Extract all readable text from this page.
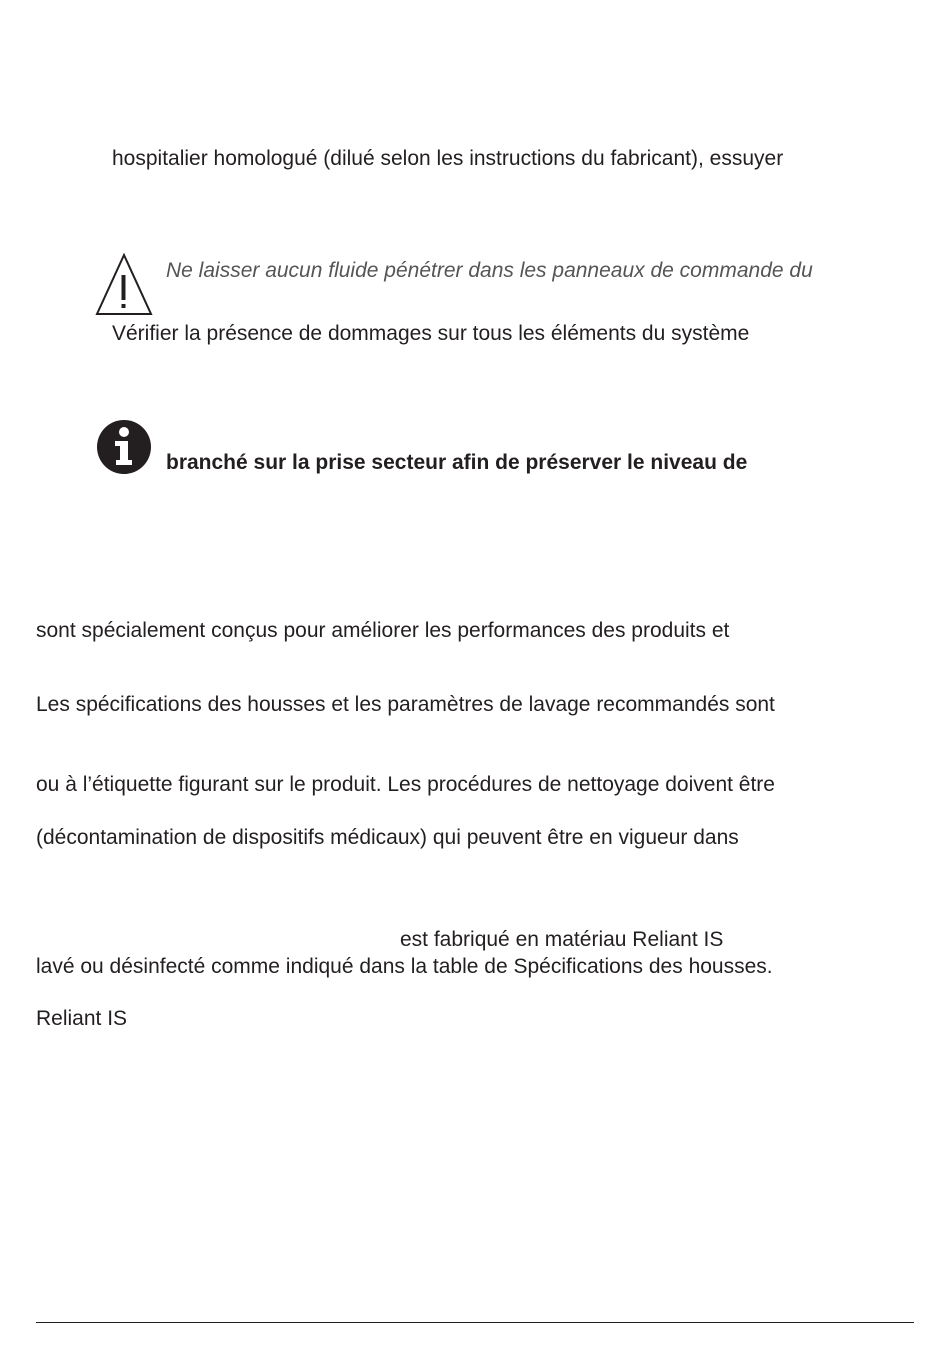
hospitalier homologué (dilué selon les instructions du fabricant), essuyer
Ne laisser aucun fluide pénétrer dans les panneaux de commande du
Vérifier la présence de dommages sur tous les éléments du système
branché sur la prise secteur afin de préserver le niveau de
sont spécialement conçus pour améliorer les performances des produits et
Les spécifications des housses et les paramètres de lavage recommandés sont
ou à l’étiquette figurant sur le produit. Les procédures de nettoyage doivent être
(décontamination de dispositifs médicaux) qui peuvent être en vigueur dans
est fabriqué en matériau Reliant IS
lavé ou désinfecté comme indiqué dans la table de Spécifications des housses.
Reliant IS
